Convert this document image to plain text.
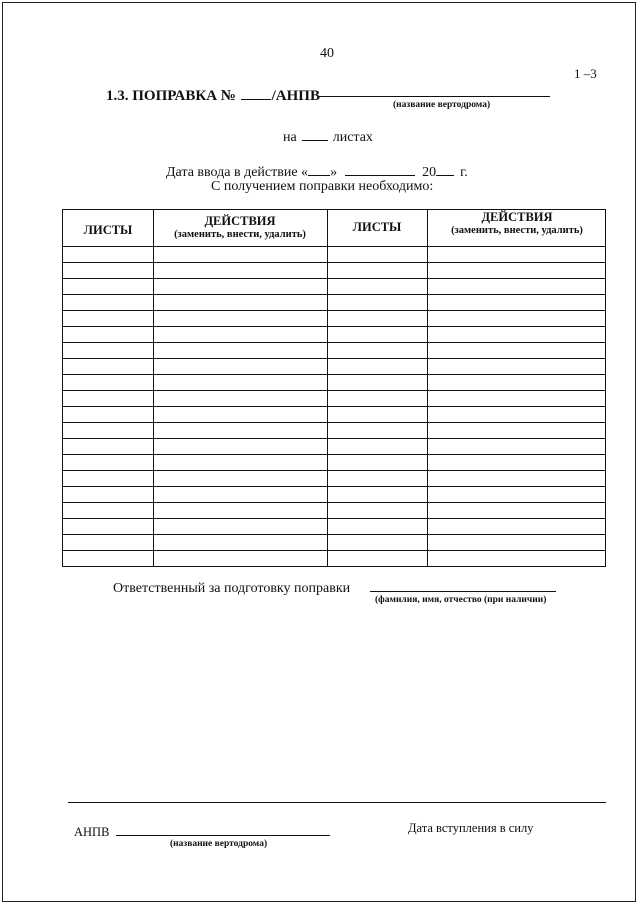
40
1 –3
1.3. ПОПРАВКА № /АНПВ
(название вертодрома)
на	листах
Дата ввода в действие « »	20 г.
С получением поправки необходимо:
ЛИСТЫ
ДЕЙСТВИЯ
(заменить, внести, удалить)
ЛИСТЫ
ДЕЙСТВИЯ
(заменить, внести, удалить)
Ответственный за подготовку поправки
(фамилия, имя, отчество (при наличии)
АНПВ
(название вертодрома)
Дата вступления в силу
